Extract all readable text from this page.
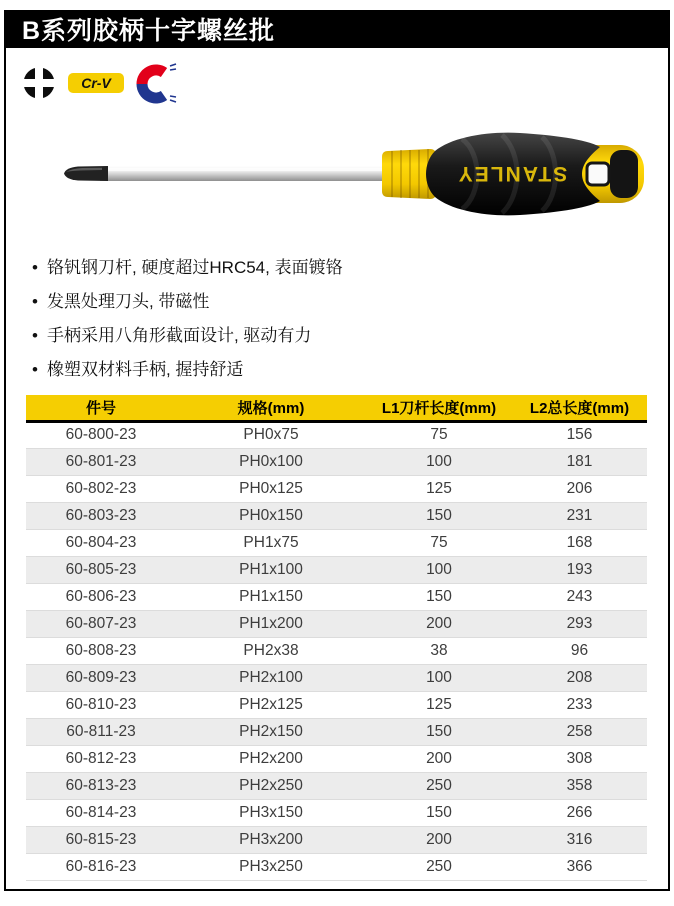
B系列胶柄十字螺丝批
Cr-V
STANLEY
• 铬钒钢刀杆, 硬度超过HRC54, 表面镀铬
• 发黑处理刀头, 带磁性
• 手柄采用八角形截面设计, 驱动有力
• 橡塑双材料手柄, 握持舒适
件号	规格(mm)	L1刀杆长度(mm)	L2总长度(mm)
60-800-23	PH0x75	75	156
60-801-23	PH0x100	100	181
60-802-23	PH0x125	125	206
60-803-23	PH0x150	150	231
60-804-23	PH1x75	75	168
60-805-23	PH1x100	100	193
60-806-23	PH1x150	150	243
60-807-23	PH1x200	200	293
60-808-23	PH2x38	38	96
60-809-23	PH2x100	100	208
60-810-23	PH2x125	125	233
60-811-23	PH2x150	150	258
60-812-23	PH2x200	200	308
60-813-23	PH2x250	250	358
60-814-23	PH3x150	150	266
60-815-23	PH3x200	200	316
60-816-23	PH3x250	250	366
